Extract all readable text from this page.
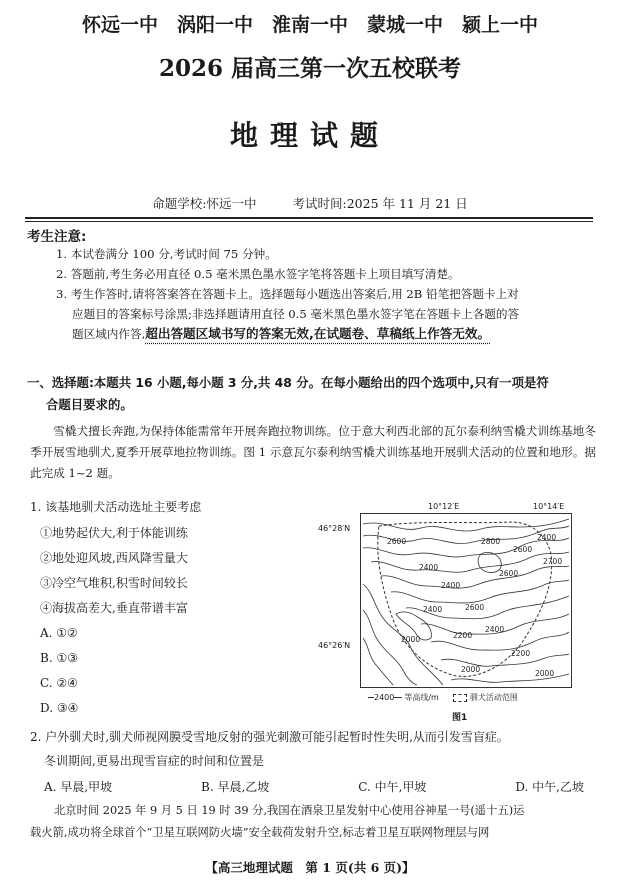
怀远一中　涡阳一中　淮南一中　蒙城一中　颍上一中
2026 届高三第一次五校联考
地理试题
命题学校:怀远一中	考试时间:2025 年 11 月 21 日
考生注意:
1. 本试卷满分 100 分,考试时间 75 分钟。
2. 答题前,考生务必用直径 0.5 毫米黑色墨水签字笔将答题卡上项目填写清楚。
3. 考生作答时,请将答案答在答题卡上。选择题每小题选出答案后,用 2B 铅笔把答题卡上对
应题目的答案标号涂黑;非选择题请用直径 0.5 毫米黑色墨水签字笔在答题卡上各题的答
题区域内作答,超出答题区域书写的答案无效,在试题卷、草稿纸上作答无效。
一、选择题:本题共 16 小题,每小题 3 分,共 48 分。在每小题给出的四个选项中,只有一项是符
合题目要求的。
雪橇犬擅长奔跑,为保持体能需常年开展奔跑拉物训练。位于意大利西北部的瓦尔泰利纳雪橇犬训练基地冬季开展雪地驯犬,夏季开展草地拉物训练。图 1 示意瓦尔泰利纳雪橇犬训练基地开展驯犬活动的位置和地形。据此完成 1~2 题。
1. 该基地驯犬活动选址主要考虑
①地势起伏大,利于体能训练
②地处迎风坡,西风降雪量大
③冷空气堆积,积雪时间较长
④海拔高差大,垂直带谱丰富
A. ①②
B. ①③
C. ②④
D. ③④
10°12′E	10°14′E
46°28′N
46°26′N
2600
2400
2800
2600
2400
2700
2600
2400
2600
2400
2000	2200
2400
2200
2000	2000
2400 等高线/m	驯犬活动范围
图1
2. 户外驯犬时,驯犬师视网膜受雪地反射的强光刺激可能引起暂时性失明,从而引发雪盲症。
冬训期间,更易出现雪盲症的时间和位置是
A. 早晨,甲坡	B. 早晨,乙坡	C. 中午,甲坡	D. 中午,乙坡
北京时间 2025 年 9 月 5 日 19 时 39 分,我国在酒泉卫星发射中心使用谷神星一号(遥十五)运
载火箭,成功将全球首个“卫星互联网防火墙”安全载荷发射升空,标志着卫星互联网物理层与网
【高三地理试题　第 1 页(共 6 页)】
